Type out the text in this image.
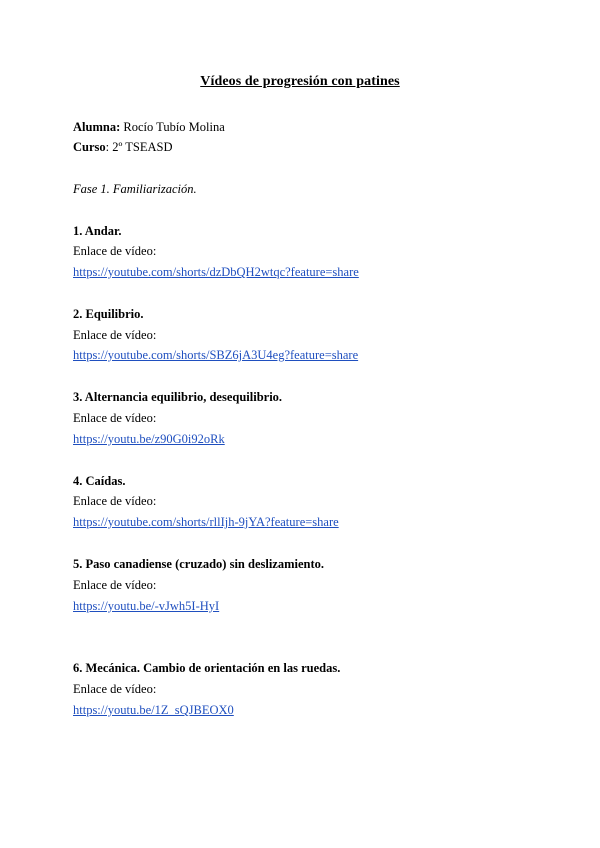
Vídeos de progresión con patines
Alumna: Rocío Tubío Molina
Curso: 2º TSEASD
Fase 1. Familiarización.
1. Andar.
Enlace de vídeo:
https://youtube.com/shorts/dzDbQH2wtqc?feature=share
2. Equilibrio.
Enlace de vídeo:
https://youtube.com/shorts/SBZ6jA3U4eg?feature=share
3. Alternancia equilibrio, desequilibrio.
Enlace de vídeo:
https://youtu.be/z90G0i92oRk
4. Caídas.
Enlace de vídeo:
https://youtube.com/shorts/rllIjh-9jYA?feature=share
5. Paso canadiense (cruzado) sin deslizamiento.
Enlace de vídeo:
https://youtu.be/-vJwh5I-HyI
6. Mecánica. Cambio de orientación en las ruedas.
Enlace de vídeo:
https://youtu.be/1Z_sQJBEOX0
